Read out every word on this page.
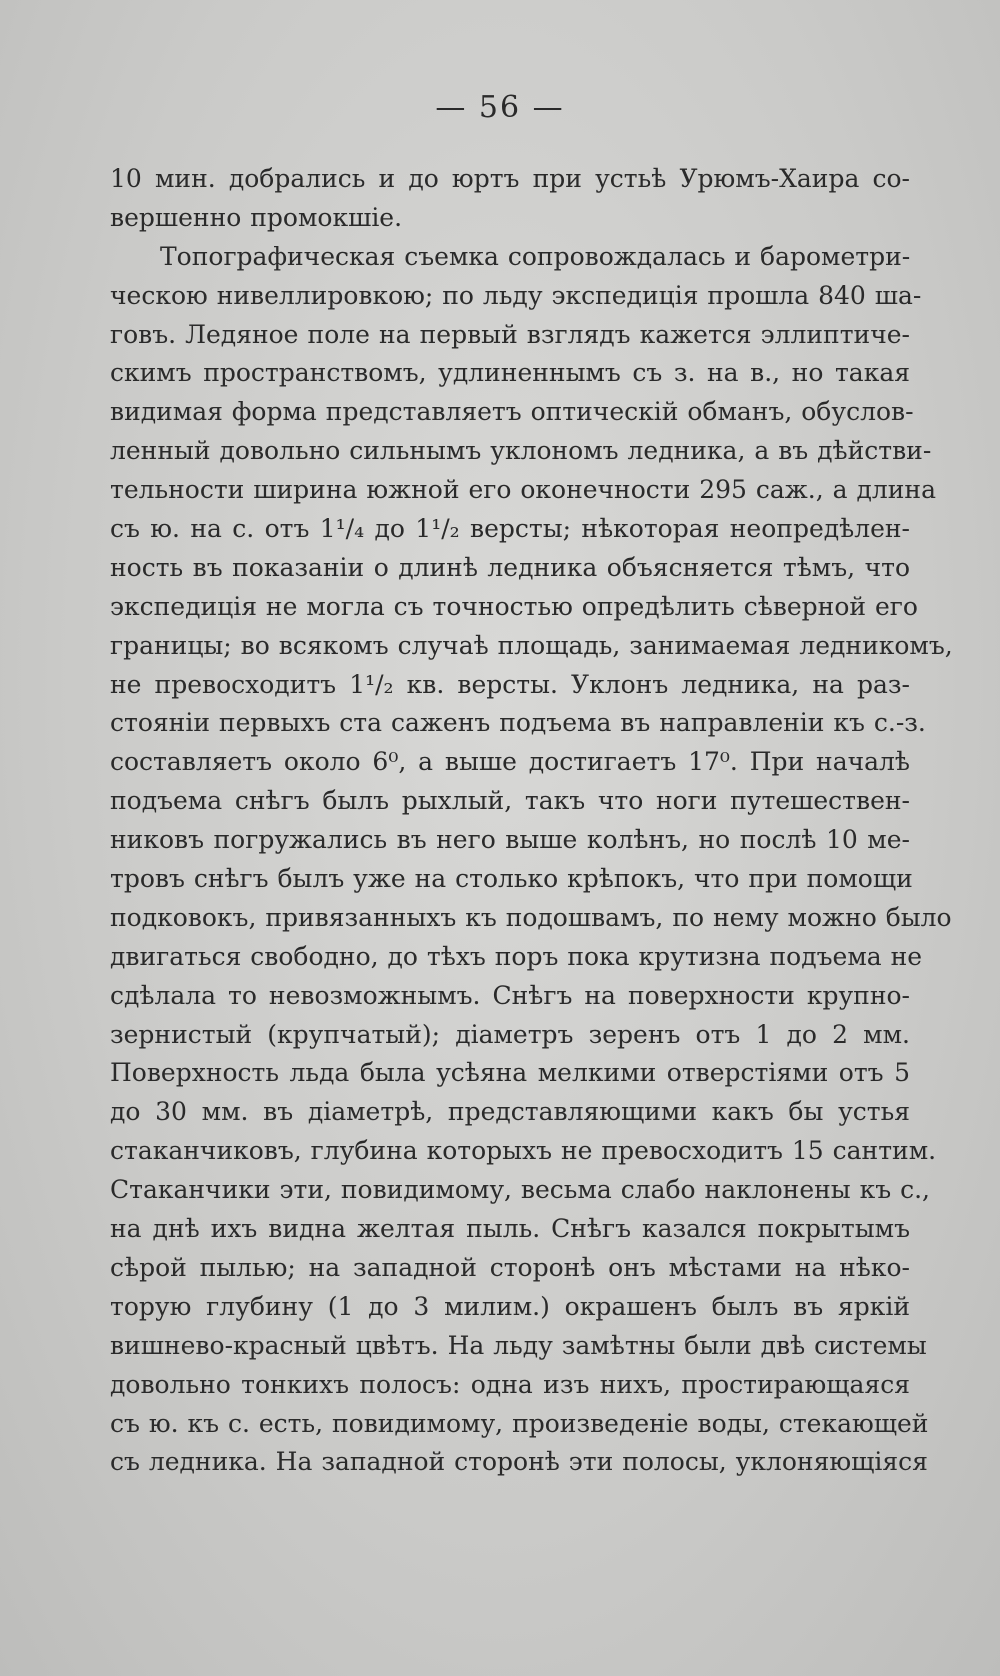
— 56 —
10 мин. добрались и до юртъ при устьѣ Урюмъ-Хаира со-
вершенно промокшіе.
Топографическая съемка сопровождалась и барометри-
ческою нивеллировкою; по льду экспедиція прошла 840 ша-
говъ. Ледяное поле на первый взглядъ кажется эллиптиче-
скимъ пространствомъ, удлиненнымъ съ з. на в., но такая
видимая форма представляетъ оптическій обманъ, обуслов-
ленный довольно сильнымъ уклономъ ледника, а въ дѣйстви-
тельности ширина южной его оконечности 295 саж., а длина
съ ю. на с. отъ 1¹/₄ до 1¹/₂ версты; нѣкоторая неопредѣлен-
ность въ показаніи о длинѣ ледника объясняется тѣмъ, что
экспедиція не могла съ точностью опредѣлить сѣверной его
границы; во всякомъ случаѣ площадь, занимаемая ледникомъ,
не превосходитъ 1¹/₂ кв. версты. Уклонъ ледника, на раз-
стояніи первыхъ ста саженъ подъема въ направленіи къ с.-з.
составляетъ около 6⁰, а выше достигаетъ 17⁰. При началѣ
подъема снѣгъ былъ рыхлый, такъ что ноги путешествен-
никовъ погружались въ него выше колѣнъ, но послѣ 10 ме-
тровъ снѣгъ былъ уже на столько крѣпокъ, что при помощи
подковокъ, привязанныхъ къ подошвамъ, по нему можно было
двигаться свободно, до тѣхъ поръ пока крутизна подъема не
сдѣлала то невозможнымъ. Снѣгъ на поверхности крупно-
зернистый (крупчатый); діаметръ зеренъ отъ 1 до 2 мм.
Поверхность льда была усѣяна мелкими отверстіями отъ 5
до 30 мм. въ діаметрѣ, представляющими какъ бы устья
стаканчиковъ, глубина которыхъ не превосходитъ 15 сантим.
Стаканчики эти, повидимому, весьма слабо наклонены къ с.,
на днѣ ихъ видна желтая пыль. Снѣгъ казался покрытымъ
сѣрой пылью; на западной сторонѣ онъ мѣстами на нѣко-
торую глубину (1 до 3 милим.) окрашенъ былъ въ яркій
вишнево-красный цвѣтъ. На льду замѣтны были двѣ системы
довольно тонкихъ полосъ: одна изъ нихъ, простирающаяся
съ ю. къ с. есть, повидимому, произведеніе воды, стекающей
съ ледника. На западной сторонѣ эти полосы, уклоняющіяся
